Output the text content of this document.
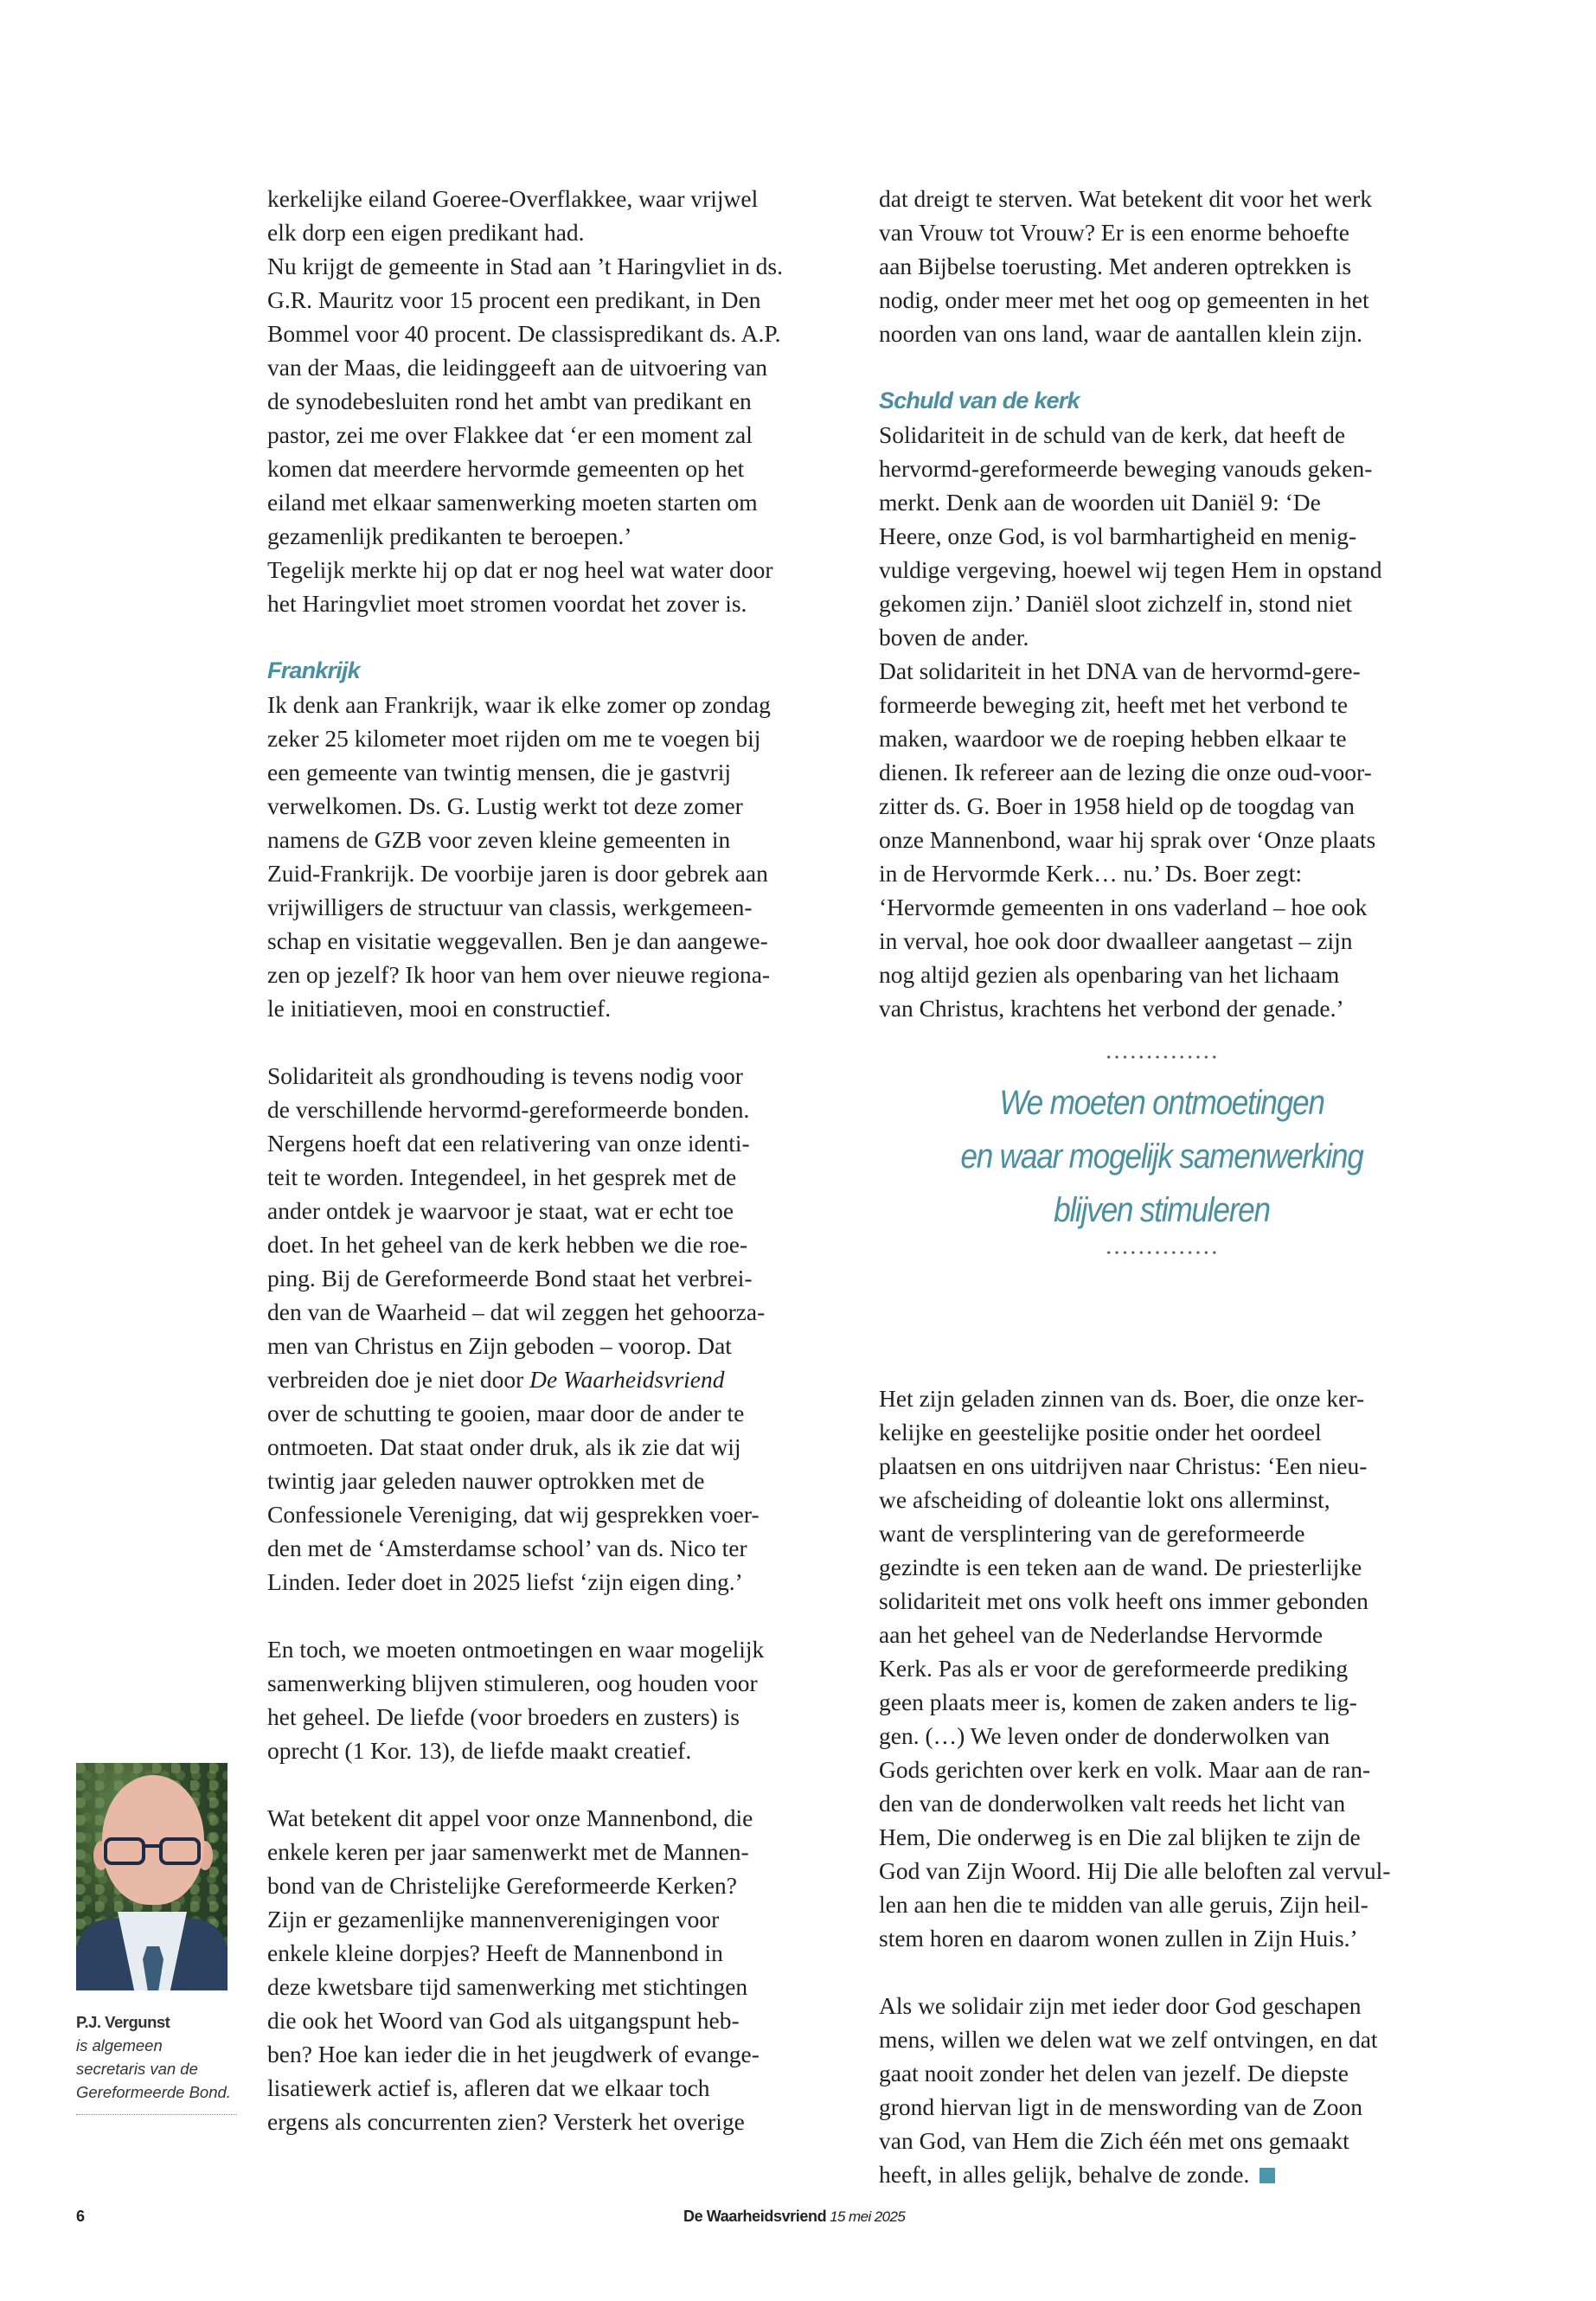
kerkelijke eiland Goeree-Overflakkee, waar vrijwel
elk dorp een eigen predikant had.
Nu krijgt de gemeente in Stad aan ’t Haringvliet in ds.
G.R. Mauritz voor 15 procent een predikant, in Den
Bommel voor 40 procent. De classispredikant ds. A.P.
van der Maas, die leidinggeeft aan de uitvoering van
de synodebesluiten rond het ambt van predikant en
pastor, zei me over Flakkee dat ‘er een moment zal
komen dat meerdere hervormde gemeenten op het
eiland met elkaar samenwerking moeten starten om
gezamenlijk predikanten te beroepen.’
Tegelijk merkte hij op dat er nog heel wat water door
het Haringvliet moet stromen voordat het zover is.
Frankrijk
Ik denk aan Frankrijk, waar ik elke zomer op zondag
zeker 25 kilometer moet rijden om me te voegen bij
een gemeente van twintig mensen, die je gastvrij
verwelkomen. Ds. G. Lustig werkt tot deze zomer
namens de GZB voor zeven kleine gemeenten in
Zuid-Frankrijk. De voorbije jaren is door gebrek aan
vrijwilligers de structuur van classis, werkgemeen-
schap en visitatie weggevallen. Ben je dan aangewe-
zen op jezelf? Ik hoor van hem over nieuwe regiona-
le initiatieven, mooi en constructief.
Solidariteit als grondhouding is tevens nodig voor
de verschillende hervormd-gereformeerde bonden.
Nergens hoeft dat een relativering van onze identi-
teit te worden. Integendeel, in het gesprek met de
ander ontdek je waarvoor je staat, wat er echt toe
doet. In het geheel van de kerk hebben we die roe-
ping. Bij de Gereformeerde Bond staat het verbrei-
den van de Waarheid – dat wil zeggen het gehoorza-
men van Christus en Zijn geboden – voorop. Dat
verbreiden doe je niet door De Waarheidsvriend
over de schutting te gooien, maar door de ander te
ontmoeten. Dat staat onder druk, als ik zie dat wij
twintig jaar geleden nauwer optrokken met de
Confessionele Vereniging, dat wij gesprekken voer-
den met de ‘Amsterdamse school’ van ds. Nico ter
Linden. Ieder doet in 2025 liefst ‘zijn eigen ding.’
En toch, we moeten ontmoetingen en waar mogelijk
samenwerking blijven stimuleren, oog houden voor
het geheel. De liefde (voor broeders en zusters) is
oprecht (1 Kor. 13), de liefde maakt creatief.
Wat betekent dit appel voor onze Mannenbond, die
enkele keren per jaar samenwerkt met de Mannen-
bond van de Christelijke Gereformeerde Kerken?
Zijn er gezamenlijke mannenverenigingen voor
enkele kleine dorpjes? Heeft de Mannenbond in
deze kwetsbare tijd samenwerking met stichtingen
die ook het Woord van God als uitgangspunt heb-
ben? Hoe kan ieder die in het jeugdwerk of evange-
lisatiewerk actief is, afleren dat we elkaar toch
ergens als concurrenten zien? Versterk het overige
dat dreigt te sterven. Wat betekent dit voor het werk
van Vrouw tot Vrouw? Er is een enorme behoefte
aan Bijbelse toerusting. Met anderen optrekken is
nodig, onder meer met het oog op gemeenten in het
noorden van ons land, waar de aantallen klein zijn.
Schuld van de kerk
Solidariteit in de schuld van de kerk, dat heeft de
hervormd-gereformeerde beweging vanouds geken-
merkt. Denk aan de woorden uit Daniël 9: ‘De
Heere, onze God, is vol barmhartigheid en menig-
vuldige vergeving, hoewel wij tegen Hem in opstand
gekomen zijn.’ Daniël sloot zichzelf in, stond niet
boven de ander.
Dat solidariteit in het DNA van de hervormd-gere-
formeerde beweging zit, heeft met het verbond te
maken, waardoor we de roeping hebben elkaar te
dienen. Ik refereer aan de lezing die onze oud-voor-
zitter ds. G. Boer in 1958 hield op de toogdag van
onze Mannenbond, waar hij sprak over ‘Onze plaats
in de Hervormde Kerk… nu.’ Ds. Boer zegt:
‘Hervormde gemeenten in ons vaderland – hoe ook
in verval, hoe ook door dwaalleer aangetast – zijn
nog altijd gezien als openbaring van het lichaam
van Christus, krachtens het verbond der genade.’
Het zijn geladen zinnen van ds. Boer, die onze ker-
kelijke en geestelijke positie onder het oordeel
plaatsen en ons uitdrijven naar Christus: ‘Een nieu-
we afscheiding of doleantie lokt ons allerminst,
want de versplintering van de gereformeerde
gezindte is een teken aan de wand. De priesterlijke
solidariteit met ons volk heeft ons immer gebonden
aan het geheel van de Nederlandse Hervormde
Kerk. Pas als er voor de gereformeerde prediking
geen plaats meer is, komen de zaken anders te lig-
gen. (…) We leven onder de donderwolken van
Gods gerichten over kerk en volk. Maar aan de ran-
den van de donderwolken valt reeds het licht van
Hem, Die onderweg is en Die zal blijken te zijn de
God van Zijn Woord. Hij Die alle beloften zal vervul-
len aan hen die te midden van alle geruis, Zijn heil-
stem horen en daarom wonen zullen in Zijn Huis.’
Als we solidair zijn met ieder door God geschapen
mens, willen we delen wat we zelf ontvingen, en dat
gaat nooit zonder het delen van jezelf. De diepste
grond hiervan ligt in de menswording van de Zoon
van God, van Hem die Zich één met ons gemaakt
heeft, in alles gelijk, behalve de zonde.
We moeten ontmoetingen
en waar mogelijk samenwerking
blijven stimuleren
P.J. Vergunst
is algemeen
secretaris van de
Gereformeerde Bond.
6	De Waarheidsvriend 15 mei 2025
